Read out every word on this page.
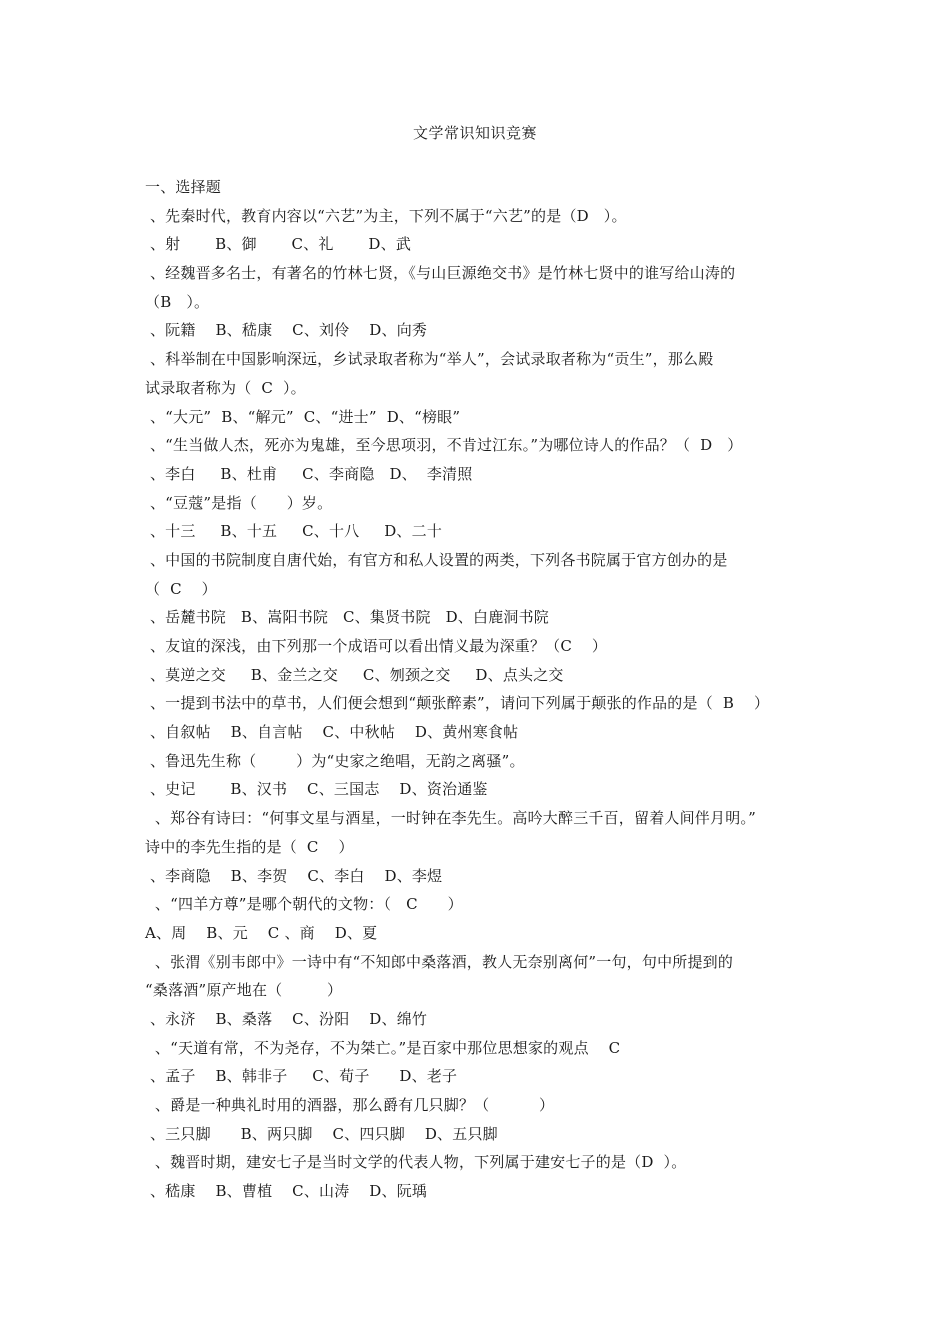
文学常识知识竞赛
一、选择题
、先秦时代，教育内容以“六艺”为主，下列不属于“六艺”的是（D   ）。
、射       B、御       C、礼       D、武
、经魏晋多名士，有著名的竹林七贤，《与山巨源绝交书》是竹林七贤中的谁写给山涛的
（B   ）。
、阮籍    B、嵇康    C、刘伶    D、向秀
、科举制在中国影响深远，乡试录取者称为“举人”，会试录取者称为“贡生”，那么殿
试录取者称为（  C  ）。
、“大元”  B、“解元”  C、“进士”  D、“榜眼”
、“生当做人杰，死亦为鬼雄，至今思项羽，不肯过江东。”为哪位诗人的作品？（  D   ）
、李白     B、杜甫     C、李商隐   D、  李清照
、“豆蔻”是指（      ）岁。
、十三     B、十五     C、十八     D、二十
、中国的书院制度自唐代始，有官方和私人设置的两类，下列各书院属于官方创办的是
（  C    ）
、岳麓书院   B、嵩阳书院   C、集贤书院   D、白鹿洞书院
、友谊的深浅，由下列那一个成语可以看出情义最为深重？（C    ）
、莫逆之交     B、金兰之交     C、刎颈之交     D、点头之交
、一提到书法中的草书，人们便会想到“颠张醉素”，请问下列属于颠张的作品的是（  B    ）
、自叙帖    B、自言帖    C、中秋帖    D、黄州寒食帖
、鲁迅先生称（        ）为“史家之绝唱，无韵之离骚”。
、史记       B、汉书    C、三国志    D、资治通鉴
、郑谷有诗曰：“何事文星与酒星，一时钟在李先生。高吟大醉三千百，留着人间伴月明。”
诗中的李先生指的是（  C    ）
、李商隐    B、李贺    C、李白    D、李煜
、“四羊方尊”是哪个朝代的文物：（   C      ）
A、周    B、元    C 、商    D、夏
、张渭《别韦郎中》一诗中有“不知郎中桑落酒，教人无奈别离何”一句，句中所提到的
“桑落酒”原产地在（         ）
、永济    B、桑落    C、汾阳    D、绵竹
、“天道有常，不为尧存，不为桀亡。”是百家中那位思想家的观点    C
、孟子    B、韩非子     C、荀子      D、老子
、爵是一种典礼时用的酒器，那么爵有几只脚？（          ）
、三只脚      B、两只脚    C、四只脚    D、五只脚
、魏晋时期，建安七子是当时文学的代表人物，下列属于建安七子的是（D  ）。
、嵇康    B、曹植    C、山涛    D、阮瑀
